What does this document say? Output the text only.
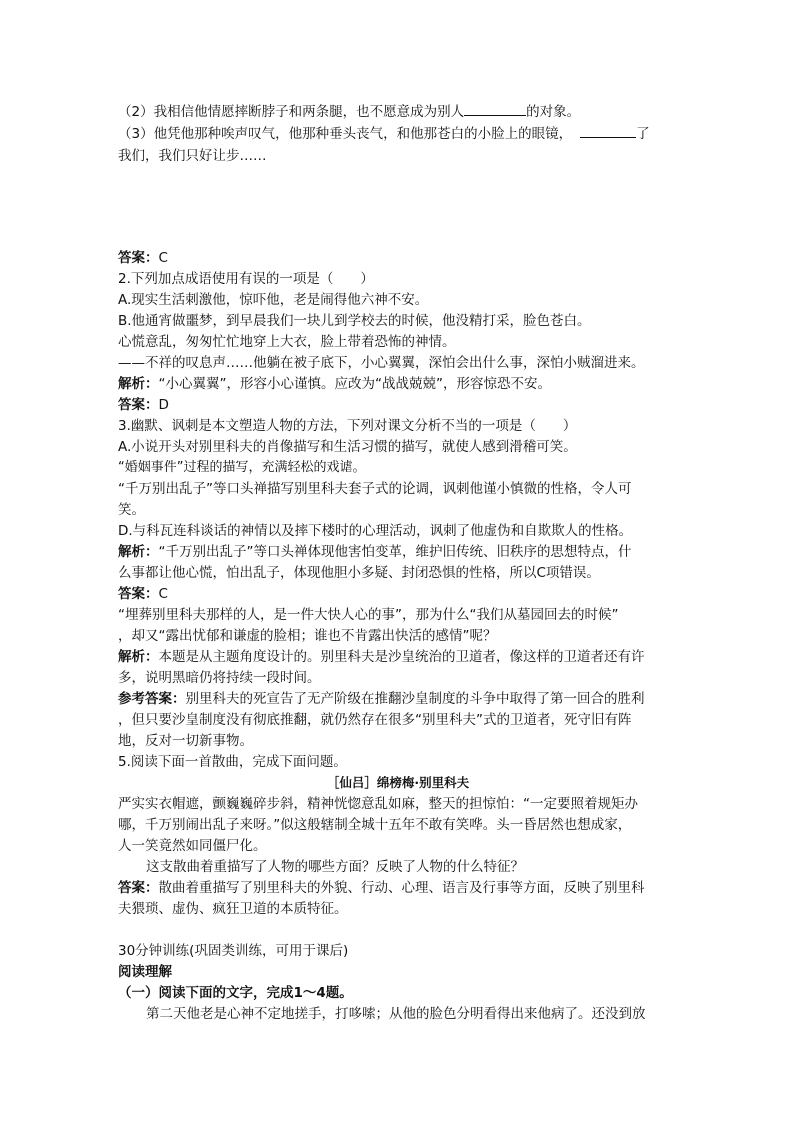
（2）我相信他情愿摔断脖子和两条腿，也不愿意成为别人	的对象。
（3）他凭他那种唉声叹气，他那种垂头丧气，和他那苍白的小脸上的眼镜，	了
我们，我们只好让步……
答案：C
2.下列加点成语使用有误的一项是（　　）
A.现实生活刺激他，惊吓他，老是闹得他六神不安。
B.他通宵做噩梦，到早晨我们一块儿到学校去的时候，他没精打采，脸色苍白。
心慌意乱，匆匆忙忙地穿上大衣，脸上带着恐怖的神情。
——不祥的叹息声……他躺在被子底下，小心翼翼，深怕会出什么事，深怕小贼溜进来。
解析：“小心翼翼”，形容小心谨慎。应改为“战战兢兢”，形容惊恐不安。
答案：D
3.幽默、讽刺是本文塑造人物的方法，下列对课文分析不当的一项是（　　）
A.小说开头对别里科夫的肖像描写和生活习惯的描写，就使人感到滑稽可笑。
“婚姻事件”过程的描写，充满轻松的戏谑。
“千万别出乱子”等口头禅描写别里科夫套子式的论调，讽刺他谨小慎微的性格，令人可
笑。
D.与科瓦连科谈话的神情以及摔下楼时的心理活动，讽刺了他虚伪和自欺欺人的性格。
解析：“千万别出乱子”等口头禅体现他害怕变革，维护旧传统、旧秩序的思想特点，什
么事都让他心慌，怕出乱子，体现他胆小多疑、封闭恐惧的性格，所以C项错误。
答案：C
“埋葬别里科夫那样的人，是一件大快人心的事”，那为什么“我们从墓园回去的时候”
，却又“露出忧郁和谦虚的脸相；谁也不肯露出快活的感情”呢？
解析：本题是从主题角度设计的。别里科夫是沙皇统治的卫道者，像这样的卫道者还有许
多，说明黑暗仍将持续一段时间。
参考答案：别里科夫的死宣告了无产阶级在推翻沙皇制度的斗争中取得了第一回合的胜利
，但只要沙皇制度没有彻底推翻，就仍然存在很多“别里科夫”式的卫道者，死守旧有阵
地，反对一切新事物。
5.阅读下面一首散曲，完成下面问题。
［仙吕］绵榜梅·别里科夫
严实实衣帽遮，颤巍巍碎步斜，精神恍惚意乱如麻，整天的担惊怕：“一定要照着规矩办
哪，千万别闹出乱子来呀。”似这般辖制全城十五年不敢有笑哗。头一昏居然也想成家，
人一笑竟然如同僵尸化。
这支散曲着重描写了人物的哪些方面？反映了人物的什么特征？
答案：散曲着重描写了别里科夫的外貌、行动、心理、语言及行事等方面，反映了别里科
夫猥琐、虚伪、疯狂卫道的本质特征。
30分钟训练(巩固类训练，可用于课后)
阅读理解
（一）阅读下面的文字，完成1～4题。
第二天他老是心神不定地搓手，打哆嗦；从他的脸色分明看得出来他病了。还没到放
